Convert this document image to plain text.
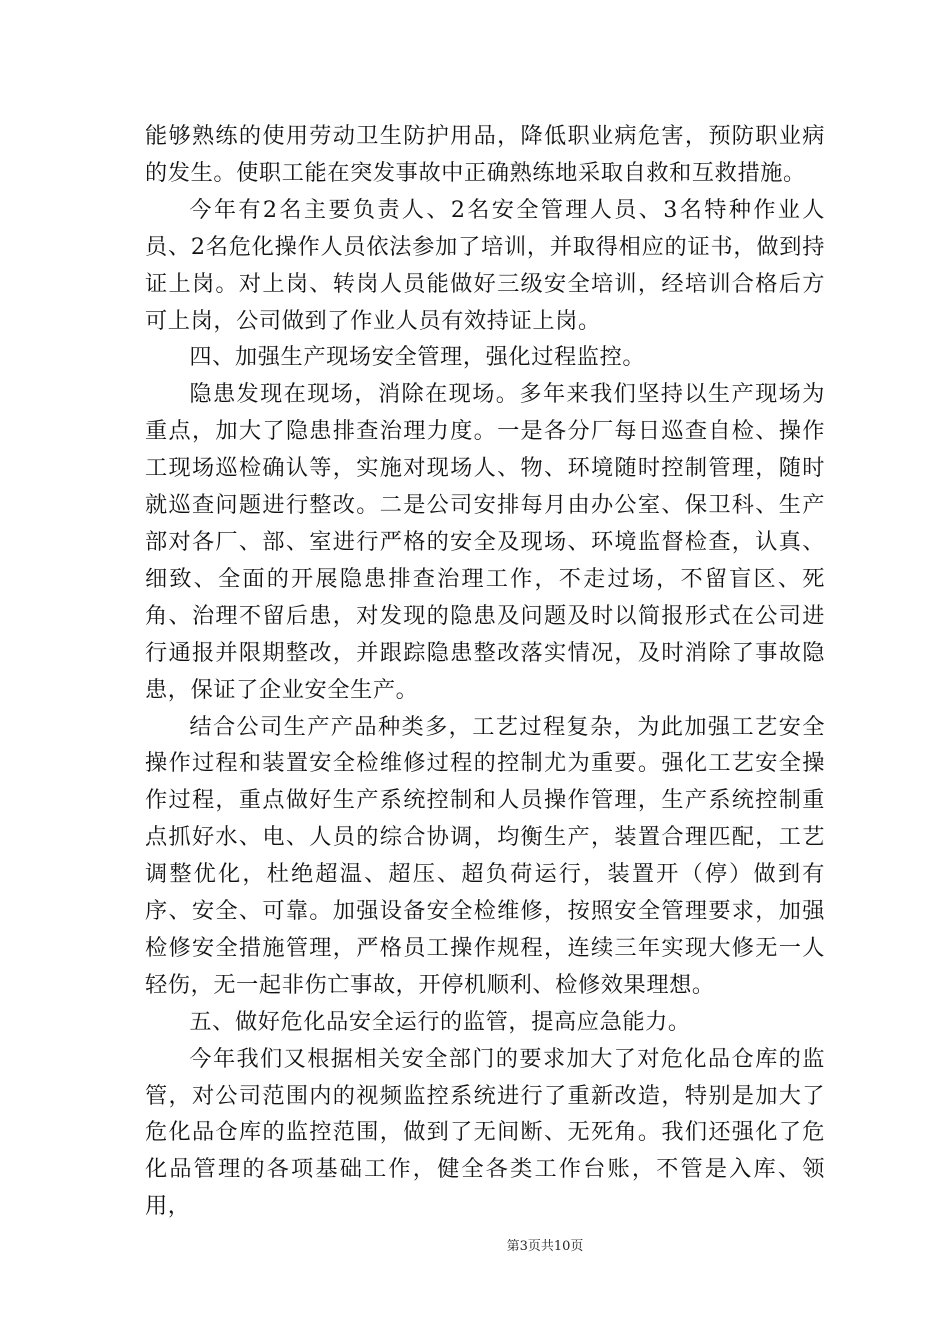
能够熟练的使用劳动卫生防护用品，降低职业病危害，预防职业病的发生。使职工能在突发事故中正确熟练地采取自救和互救措施。

今年有2名主要负责人、2名安全管理人员、3名特种作业人员、2名危化操作人员依法参加了培训，并取得相应的证书，做到持证上岗。对上岗、转岗人员能做好三级安全培训，经培训合格后方可上岗，公司做到了作业人员有效持证上岗。

四、加强生产现场安全管理，强化过程监控。

隐患发现在现场，消除在现场。多年来我们坚持以生产现场为重点，加大了隐患排查治理力度。一是各分厂每日巡查自检、操作工现场巡检确认等，实施对现场人、物、环境随时控制管理，随时就巡查问题进行整改。二是公司安排每月由办公室、保卫科、生产部对各厂、部、室进行严格的安全及现场、环境监督检查，认真、细致、全面的开展隐患排查治理工作，不走过场，不留盲区、死角、治理不留后患，对发现的隐患及问题及时以简报形式在公司进行通报并限期整改，并跟踪隐患整改落实情况，及时消除了事故隐患，保证了企业安全生产。

结合公司生产产品种类多，工艺过程复杂，为此加强工艺安全操作过程和装置安全检维修过程的控制尤为重要。强化工艺安全操作过程，重点做好生产系统控制和人员操作管理，生产系统控制重点抓好水、电、人员的综合协调，均衡生产，装置合理匹配，工艺调整优化，杜绝超温、超压、超负荷运行，装置开（停）做到有序、安全、可靠。加强设备安全检维修，按照安全管理要求，加强检修安全措施管理，严格员工操作规程，连续三年实现大修无一人轻伤，无一起非伤亡事故，开停机顺利、检修效果理想。

五、做好危化品安全运行的监管，提高应急能力。

今年我们又根据相关安全部门的要求加大了对危化品仓库的监管，对公司范围内的视频监控系统进行了重新改造，特别是加大了危化品仓库的监控范围，做到了无间断、无死角。我们还强化了危化品管理的各项基础工作，健全各类工作台账，不管是入库、领用，

第3页共10页
